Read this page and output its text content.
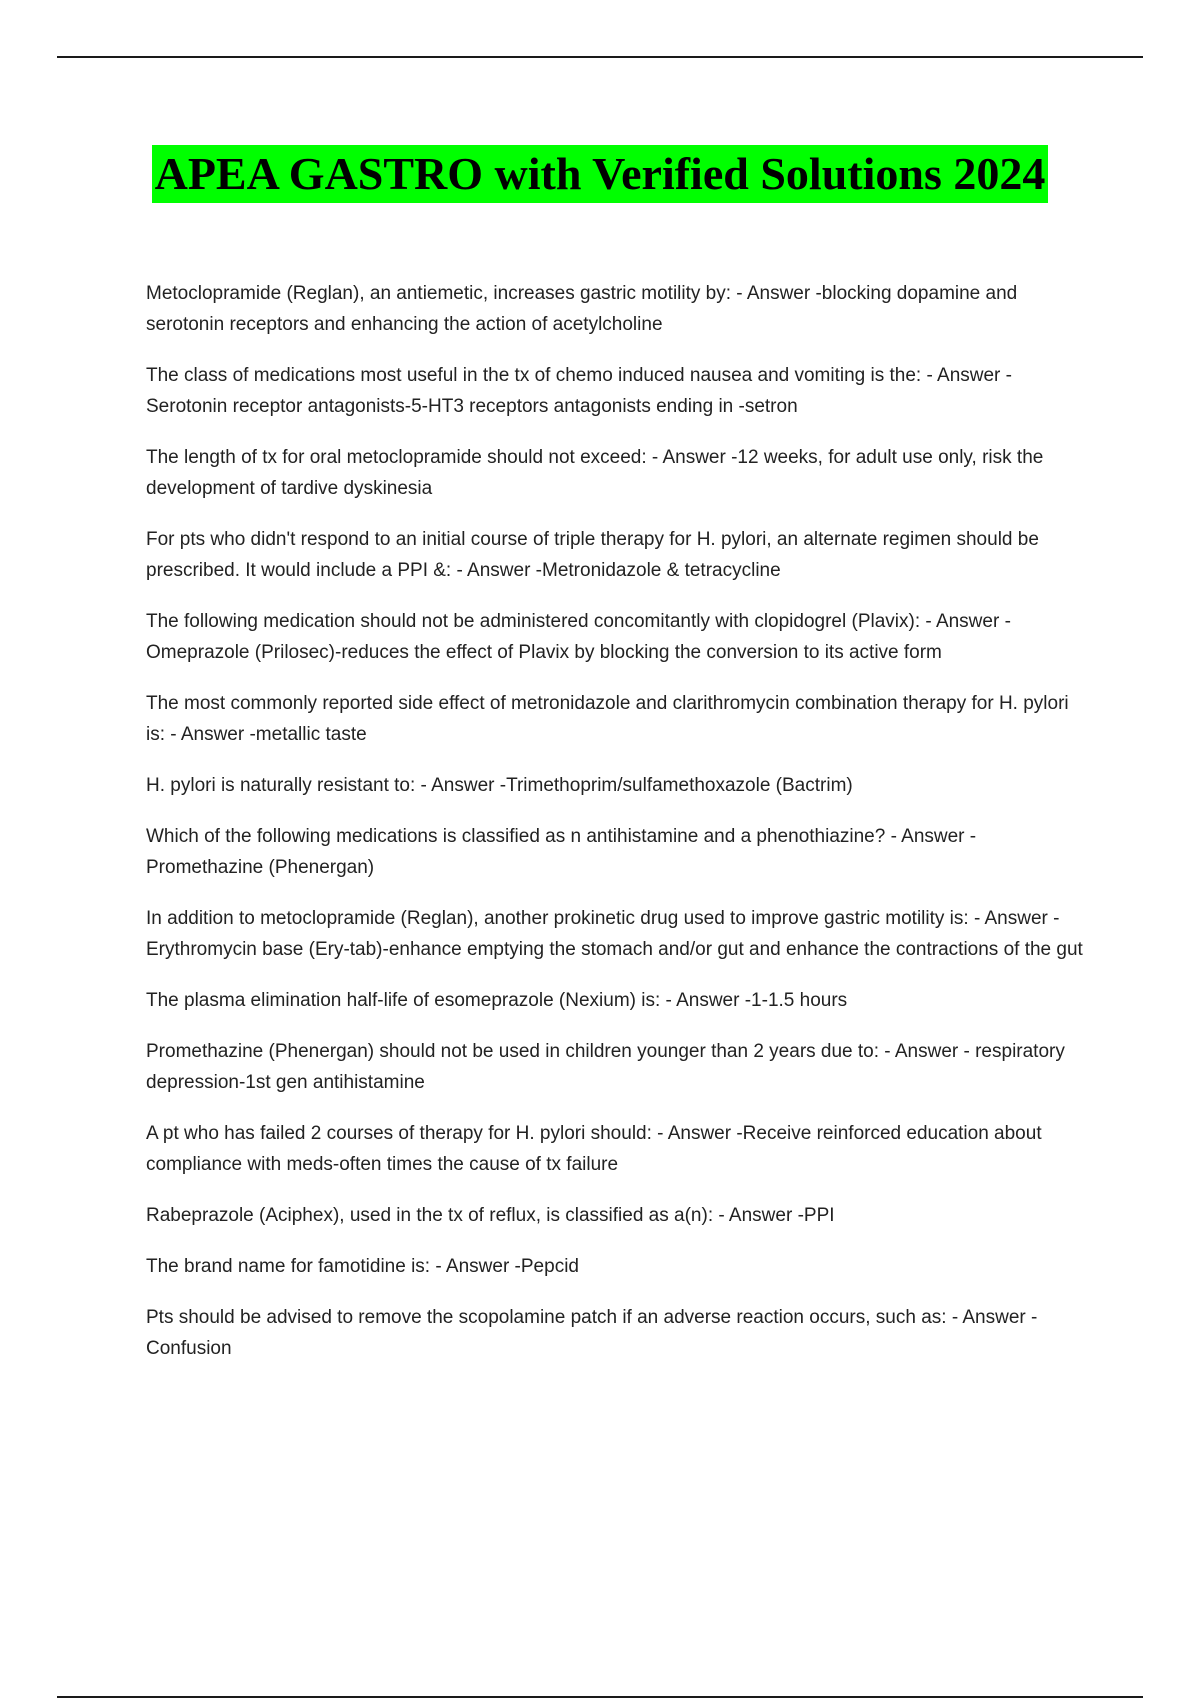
APEA GASTRO with Verified Solutions 2024
Metoclopramide (Reglan), an antiemetic, increases gastric motility by: - Answer -blocking dopamine and serotonin receptors and enhancing the action of acetylcholine
The class of medications most useful in the tx of chemo induced nausea and vomiting is the: - Answer - Serotonin receptor antagonists-5-HT3 receptors antagonists ending in -setron
The length of tx for oral metoclopramide should not exceed: - Answer -12 weeks, for adult use only, risk the development of tardive dyskinesia
For pts who didn't respond to an initial course of triple therapy for H. pylori, an alternate regimen should be prescribed. It would include a PPI &: - Answer -Metronidazole & tetracycline
The following medication should not be administered concomitantly with clopidogrel (Plavix): - Answer - Omeprazole (Prilosec)-reduces the effect of Plavix by blocking the conversion to its active form
The most commonly reported side effect of metronidazole and clarithromycin combination therapy for H. pylori is: - Answer -metallic taste
H. pylori is naturally resistant to: - Answer -Trimethoprim/sulfamethoxazole (Bactrim)
Which of the following medications is classified as n antihistamine and a phenothiazine? - Answer - Promethazine (Phenergan)
In addition to metoclopramide (Reglan), another prokinetic drug used to improve gastric motility is: - Answer -Erythromycin base (Ery-tab)-enhance emptying the stomach and/or gut and enhance the contractions of the gut
The plasma elimination half-life of esomeprazole (Nexium) is: - Answer -1-1.5 hours
Promethazine (Phenergan) should not be used in children younger than 2 years due to: - Answer - respiratory depression-1st gen antihistamine
A pt who has failed 2 courses of therapy for H. pylori should: - Answer -Receive reinforced education about compliance with meds-often times the cause of tx failure
Rabeprazole (Aciphex), used in the tx of reflux, is classified as a(n): - Answer -PPI
The brand name for famotidine is: - Answer -Pepcid
Pts should be advised to remove the scopolamine patch if an adverse reaction occurs, such as: - Answer - Confusion
